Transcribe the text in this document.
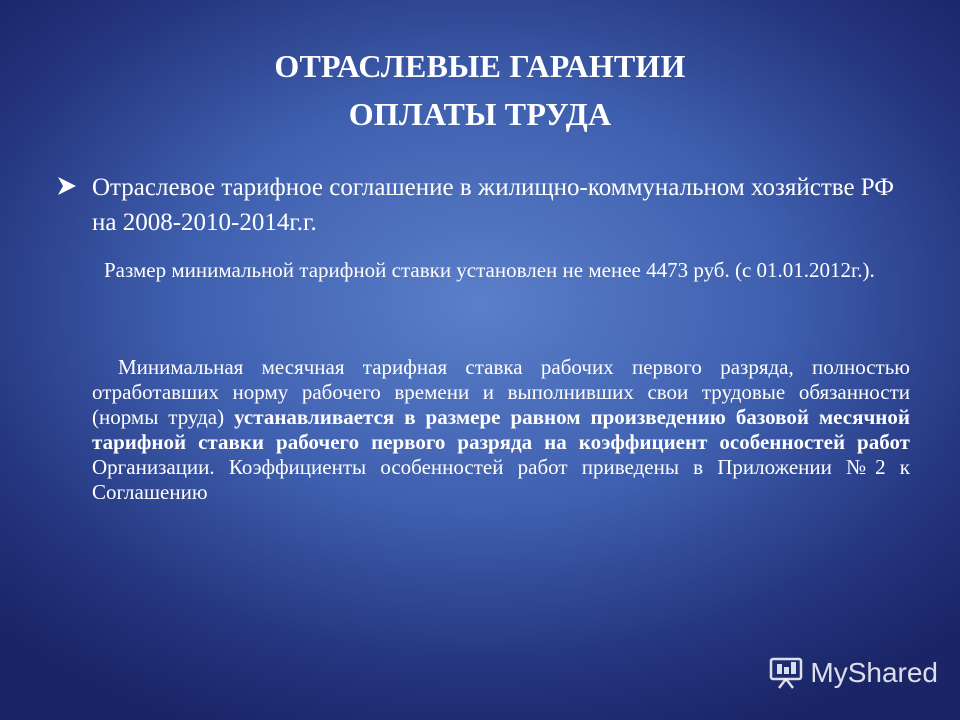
ОТРАСЛЕВЫЕ ГАРАНТИИ
ОПЛАТЫ ТРУДА
Отраслевое тарифное соглашение в жилищно-коммунальном хозяйстве РФ на 2008-2010-2014г.г.
Размер минимальной тарифной ставки установлен не менее 4473 руб. (с 01.01.2012г.).
Минимальная месячная тарифная ставка рабочих первого разряда, полностью отработавших норму рабочего времени и выполнивших свои трудовые обязанности (нормы труда) устанавливается в размере равном произведению базовой месячной тарифной ставки рабочего первого разряда на коэффициент особенностей работ Организации. Коэффициенты особенностей работ приведены в Приложении №2 к Соглашению
MyShared
